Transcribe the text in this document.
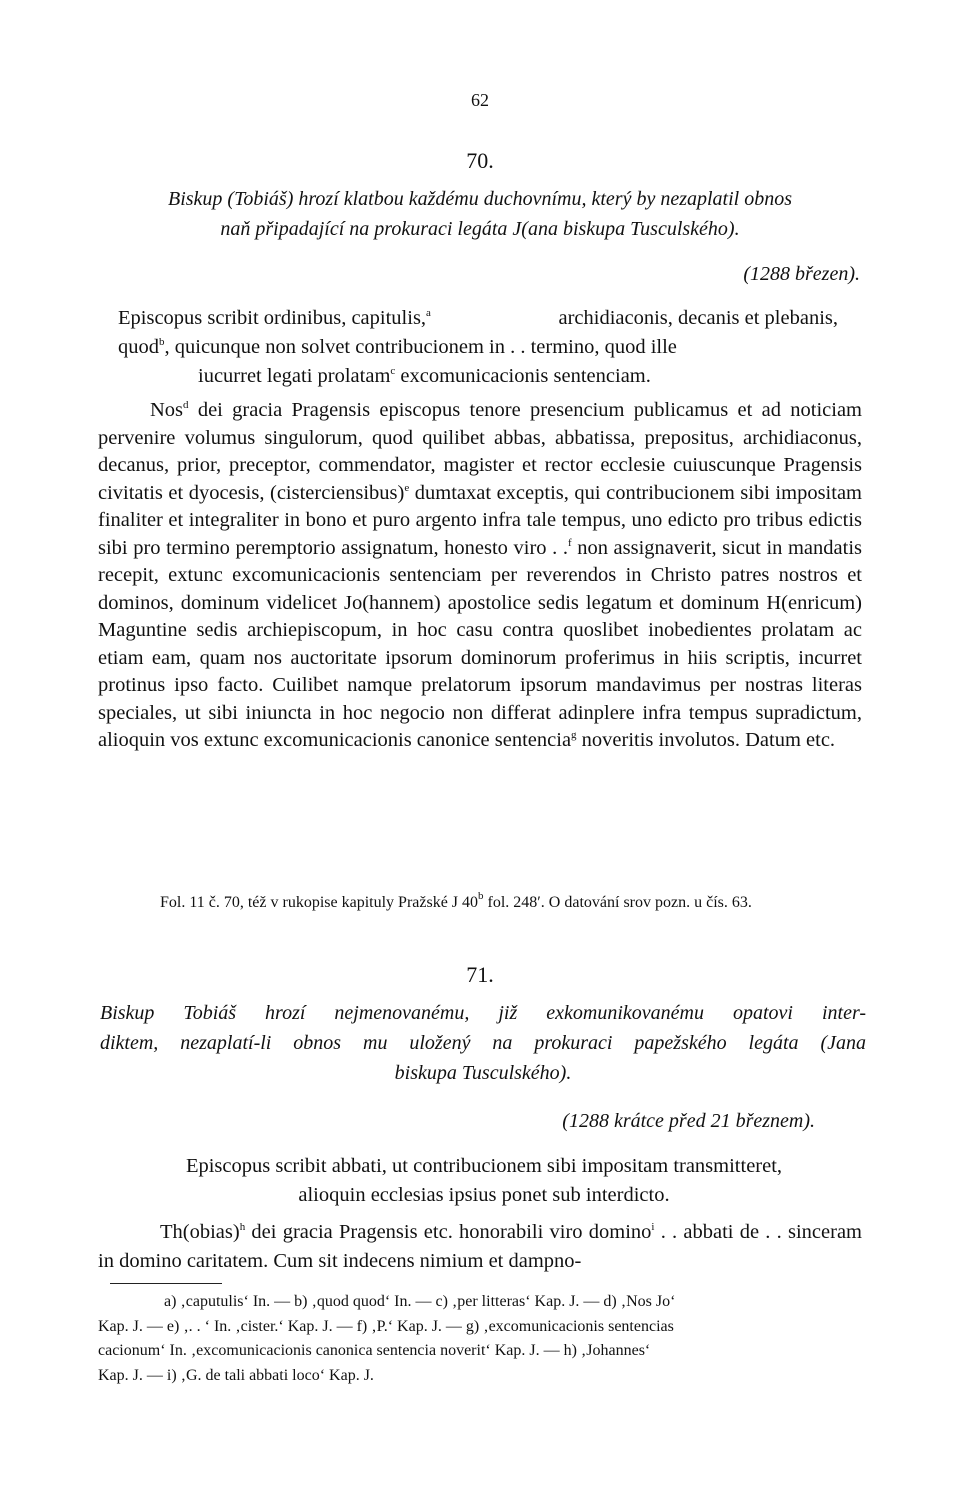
62
70.
Biskup (Tobiáš) hrozí klatbou každému duchovnímu, který by nezaplatil obnos
naň připadající na prokuraci legáta J(ana biskupa Tusculského).
(1288 březen).
Episcopus scribit ordinibus, capitulis,$^a$	archidiaconis, decanis et plebanis,
quod$^b$, quicunque non solvet contribucionem in . . termino, quod ille
iucurret legati prolatam$^c$ excomunicacionis sentenciam.

Nos$^d$ dei gracia Pragensis episcopus tenore presencium publicamus et ad noticiam pervenire volumus singulorum, quod quilibet abbas, abbatissa, prepositus, archidiaconus, decanus, prior, preceptor, commendator, magister et rector ecclesie cuiuscunque Pragensis civitatis et dyocesis, (cisterciensibus)$^e$ dumtaxat exceptis, qui contribucionem sibi impositam finaliter et integraliter in bono et puro argento infra tale tempus, uno edicto pro tribus edictis sibi pro termino peremptorio assignatum, honesto viro . .$^f$ non assignaverit, sicut in mandatis recepit, extunc excomunicacionis sentenciam per reverendos in Christo patres nostros et dominos, dominum videlicet Jo(hannem) apostolice sedis legatum et dominum H(enricum) Maguntine sedis archiepiscopum, in hoc casu contra quoslibet inobedientes prolatam ac etiam eam, quam nos auctoritate ipsorum dominorum proferimus in hiis scriptis, incurret protinus ipso facto. Cuilibet namque prelatorum ipsorum mandavimus per nostras literas speciales, ut sibi iniuncta in hoc negocio non differat adinplere infra tempus supradictum, alioquin vos extunc excomunicacionis canonice sentencia$^g$ noveritis involutos. Datum etc.

Fol. 11 č. 70, též v rukopise kapituly Pražské J 40$^b$ fol. 248′. O datování srov pozn. u čís. 63.
71.
Biskup Tobiáš hrozí nejmenovanému, již exkomunikovanému opatovi inter-
diktem, nezaplatí-li obnos mu uložený na prokuraci papežského legáta (Jana
biskupa Tusculského).
(1288 krátce před 21 březnem).
Episcopus scribit abbati, ut contribucionem sibi impositam transmitteret,
alioquin ecclesias ipsius ponet sub interdicto.

Th(obias)$^h$ dei gracia Pragensis etc. honorabili viro domino$^i$ . . abbati de . . sinceram in domino caritatem. Cum sit indecens nimium et dampno-

a) ‚caputulis‘ In. — b) ‚quod quod‘ In. — c) ‚per litteras‘ Kap. J. — d) ‚Nos Jo‘

Kap. J. — e) ‚. . ‘ In. ‚cister.‘ Kap. J. — f) ‚P.‘ Kap. J. — g) ‚excomunicacionis sentencias

cacionum‘ In. ‚excomunicacionis canonica sentencia noverit‘ Kap. J. — h) ‚Johannes‘

Kap. J. — i) ‚G. de tali abbati loco‘ Kap. J.
